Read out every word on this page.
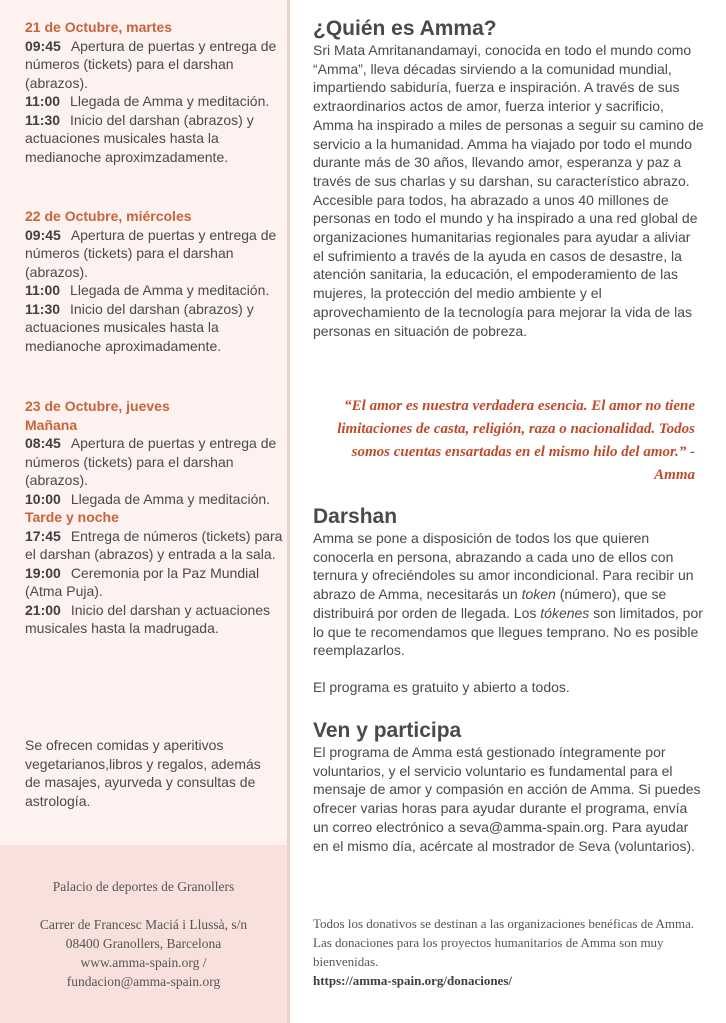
21 de Octubre, martes

09:45 Apertura de puertas y entrega de números (tickets) para el darshan (abrazos).

11:00 Llegada de Amma y meditación.

11:30 Inicio del darshan (abrazos) y actuaciones musicales hasta la medianoche aproximzadamente.

22 de Octubre, miércoles

09:45 Apertura de puertas y entrega de números (tickets) para el darshan (abrazos).

11:00 Llegada de Amma y meditación.

11:30 Inicio del darshan (abrazos) y actuaciones musicales hasta la medianoche aproximadamente.

23 de Octubre, jueves
Mañana

08:45 Apertura de puertas y entrega de números (tickets) para el darshan (abrazos).

10:00 Llegada de Amma y meditación.

Tarde y noche

17:45 Entrega de números (tickets) para el darshan (abrazos) y entrada a la sala.

19:00 Ceremonia por la Paz Mundial (Atma Puja).

21:00 Inicio del darshan y actuaciones musicales hasta la madrugada.

Se ofrecen comidas y aperitivos vegetarianos,libros y regalos, además de masajes, ayurveda y consultas de astrología.
Palacio de deportes de Granollers
Carrer de Francesc Maciá i Llussà, s/n
08400 Granollers, Barcelona
www.amma-spain.org /
fundacion@amma-spain.org
¿Quién es Amma?

Sri Mata Amritanandamayi, conocida en todo el mundo como “Amma”, lleva décadas sirviendo a la comunidad mundial, impartiendo sabiduría, fuerza e inspiración. A través de sus extraordinarios actos de amor, fuerza interior y sacrificio, Amma ha inspirado a miles de personas a seguir su camino de servicio a la humanidad. Amma ha viajado por todo el mundo durante más de 30 años, llevando amor, esperanza y paz a través de sus charlas y su darshan, su característico abrazo. Accesible para todos, ha abrazado a unos 40 millones de personas en todo el mundo y ha inspirado a una red global de organizaciones humanitarias regionales para ayudar a aliviar el sufrimiento a través de la ayuda en casos de desastre, la atención sanitaria, la educación, el empoderamiento de las mujeres, la protección del medio ambiente y el aprovechamiento de la tecnología para mejorar la vida de las personas en situación de pobreza.

“El amor es nuestra verdadera esencia. El amor no tiene limitaciones de casta, religión, raza o nacionalidad. Todos somos cuentas ensartadas en el mismo hilo del amor.” - Amma
Darshan

Amma se pone a disposición de todos los que quieren conocerla en persona, abrazando a cada uno de ellos con ternura y ofreciéndoles su amor incondicional. Para recibir un abrazo de Amma, necesitarás un token (número), que se distribuirá por orden de llegada. Los tókenes son limitados, por lo que te recomendamos que llegues temprano. No es posible reemplazarlos.

El programa es gratuito y abierto a todos.

Ven y participa

El programa de Amma está gestionado íntegramente por voluntarios, y el servicio voluntario es fundamental para el mensaje de amor y compasión en acción de Amma. Si puedes ofrecer varias horas para ayudar durante el programa, envía un correo electrónico a seva@amma-spain.org. Para ayudar en el mismo día, acércate al mostrador de Seva (voluntarios).

Todos los donativos se destinan a las organizaciones benéficas de Amma. Las donaciones para los proyectos humanitarios de Amma son muy bienvenidas.
https://amma-spain.org/donaciones/
